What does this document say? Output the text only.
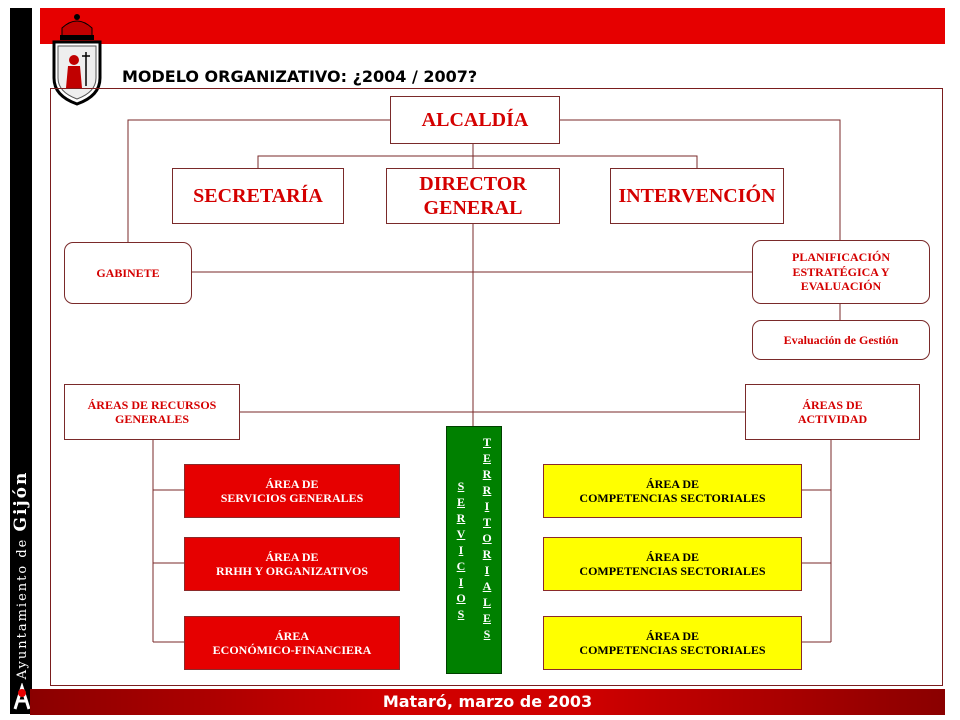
Ayuntamiento de Gijón
Mataró, marzo de 2003
MODELO ORGANIZATIVO: ¿2004 / 2007?
ALCALDÍA
SECRETARÍA
DIRECTOR
GENERAL
INTERVENCIÓN
GABINETE
PLANIFICACIÓN
ESTRATÉGICA Y
EVALUACIÓN
Evaluación de Gestión
ÁREAS DE RECURSOS
GENERALES
ÁREAS DE
ACTIVIDAD
ÁREA DE
SERVICIOS GENERALES
ÁREA DE
RRHH Y ORGANIZATIVOS
ÁREA
ECONÓMICO-FINANCIERA
S
E
R
V
I
C
I
O
S
T
E
R
R
I
T
O
R
I
A
L
E
S
ÁREA DE
COMPETENCIAS SECTORIALES
ÁREA DE
COMPETENCIAS SECTORIALES
ÁREA DE
COMPETENCIAS SECTORIALES
